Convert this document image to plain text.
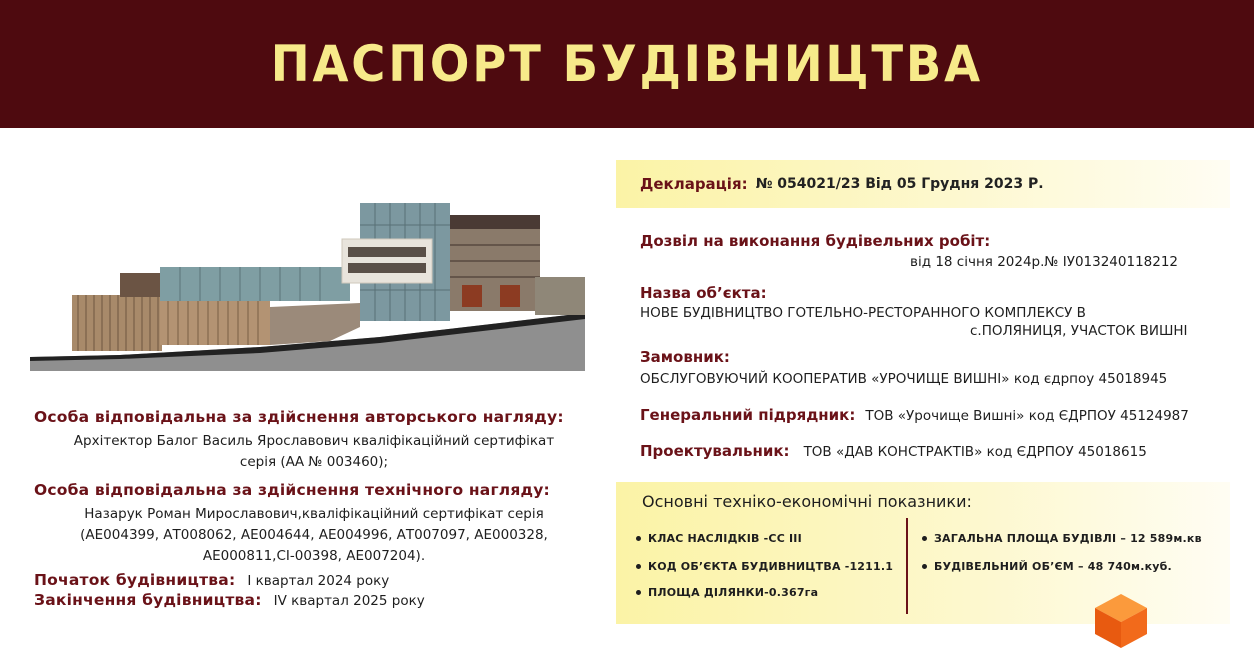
ПАСПОРТ БУДІВНИЦТВА
Особа відповідальна за здійснення авторського нагляду:
Архітектор Балог Василь Ярославович кваліфікаційний сертифікат
серія (АА № 003460);
Особа відповідальна за здійснення технічного нагляду:
Назарук Роман Мирославович,кваліфікаційний сертифікат серія
(АЕ004399, АТ008062, АЕ004644, АЕ004996, АТ007097, АЕ000328,
АЕ000811,СІ-00398, АЕ007204).
Початок будівництва: І квартал 2024 року
Закінчення будівництва: IV квартал 2025 року
Декларація: № 054021/23 Від 05 Грудня 2023 Р.
Дозвіл на виконання будівельних робіт:
від 18 січня 2024р.№ ІУ013240118212
Назва об’єкта:
НОВЕ БУДІВНИЦТВО ГОТЕЛЬНО-РЕСТОРАННОГО КОМПЛЕКСУ В
с.ПОЛЯНИЦЯ, УЧАСТОК ВИШНІ
Замовник:
ОБСЛУГОВУЮЧИЙ КООПЕРАТИВ «УРОЧИЩЕ ВИШНІ» код єдрпоу 45018945
Генеральний підрядник: ТОВ «Урочище Вишні» код ЄДРПОУ 45124987
Проектувальник: ТОВ «ДАВ КОНСТРАКТІВ» код ЄДРПОУ 45018615
Основні техніко-економічні показники:
КЛАС НАСЛІДКІВ -СС ІІІ
КОД ОБ’ЄКТА БУДИВНИЦТВА -1211.1
ПЛОЩА ДІЛЯНКИ-0.367га
ЗАГАЛЬНА ПЛОЩА БУДІВЛІ – 12 589м.кв
БУДІВЕЛЬНИЙ ОБ’ЄМ – 48 740м.куб.
